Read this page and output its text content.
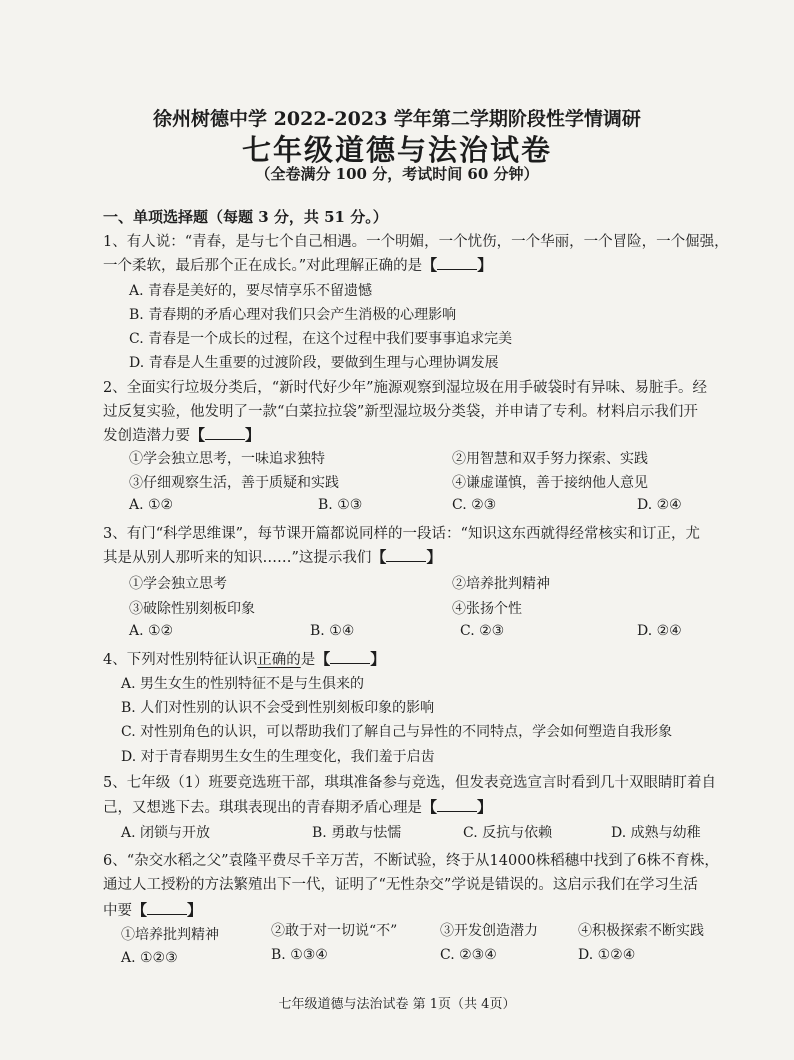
徐州树德中学 2022-2023 学年第二学期阶段性学情调研
七年级道德与法治试卷
（全卷满分 100 分，考试时间 60 分钟）
一、单项选择题（每题 3 分，共 51 分。）
1、有人说：“青春，是与七个自己相遇。一个明媚，一个忧伤，一个华丽，一个冒险，一个倔强，
一个柔软，最后那个正在成长。”对此理解正确的是【	】
A. 青春是美好的，要尽情享乐不留遗憾
B. 青春期的矛盾心理对我们只会产生消极的心理影响
C. 青春是一个成长的过程，在这个过程中我们要事事追求完美
D. 青春是人生重要的过渡阶段，要做到生理与心理协调发展
2、全面实行垃圾分类后，“新时代好少年”施源观察到湿垃圾在用手破袋时有异味、易脏手。经
过反复实验，他发明了一款“白菜拉拉袋”新型湿垃圾分类袋，并申请了专利。材料启示我们开
发创造潜力要【	】
①学会独立思考，一味追求独特	②用智慧和双手努力探索、实践
③仔细观察生活，善于质疑和实践	④谦虚谨慎，善于接纳他人意见
A. ①②	B. ①③	C. ②③	D. ②④
3、有门“科学思维课”，每节课开篇都说同样的一段话：“知识这东西就得经常核实和订正，尤
其是从别人那听来的知识……”这提示我们【	】
①学会独立思考	②培养批判精神
③破除性别刻板印象	④张扬个性
A. ①②	B. ①④	C. ②③	D. ②④
4、下列对性别特征认识正确的是【	】
A. 男生女生的性别特征不是与生俱来的
B. 人们对性别的认识不会受到性别刻板印象的影响
C. 对性别角色的认识，可以帮助我们了解自己与异性的不同特点，学会如何塑造自我形象
D. 对于青春期男生女生的生理变化，我们羞于启齿
5、七年级（1）班要竞选班干部，琪琪准备参与竞选，但发表竞选宣言时看到几十双眼睛盯着自
己，又想逃下去。琪琪表现出的青春期矛盾心理是【	】
A. 闭锁与开放	B. 勇敢与怯懦	C. 反抗与依赖	D. 成熟与幼稚
6、“杂交水稻之父”袁隆平费尽千辛万苦，不断试验，终于从14000株稻穗中找到了6株不育株，
通过人工授粉的方法繁殖出下一代，证明了“无性杂交”学说是错误的。这启示我们在学习生活
中要【	】
①培养批判精神	②敢于对一切说“不”	③开发创造潜力	④积极探索不断实践
A. ①②③	B. ①③④	C. ②③④	D. ①②④
七年级道德与法治试卷 第 1页（共 4页）
